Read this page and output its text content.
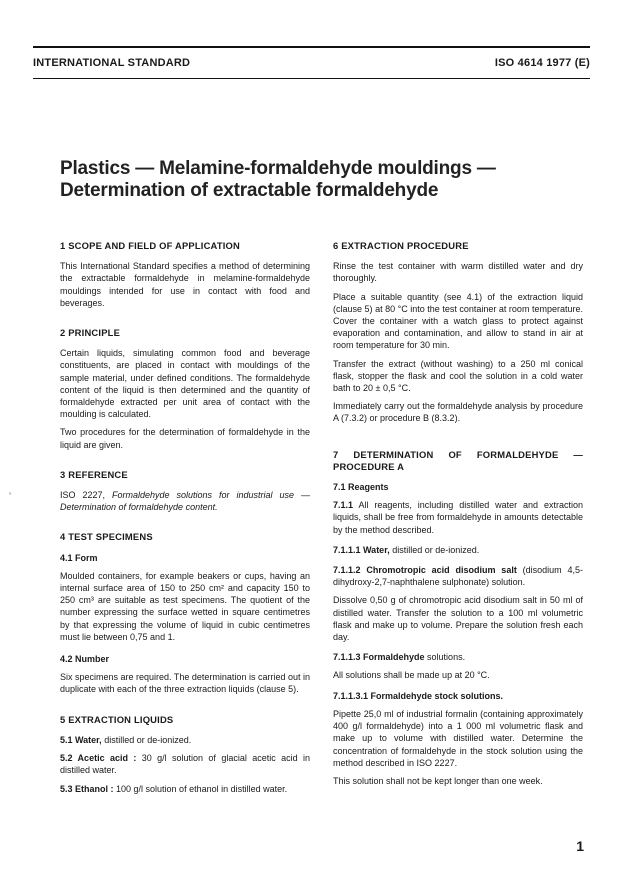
INTERNATIONAL STANDARD	ISO 4614 1977 (E)
Plastics — Melamine-formaldehyde mouldings —
Determination of extractable formaldehyde
’
1 SCOPE AND FIELD OF APPLICATION

This International Standard specifies a method of determining the extractable formaldehyde in melamine-formaldehyde mouldings intended for use in contact with food and beverages.

2 PRINCIPLE

Certain liquids, simulating common food and beverage constituents, are placed in contact with mouldings of the sample material, under defined conditions. The formaldehyde content of the liquid is then determined and the quantity of formaldehyde extracted per unit area of contact with the moulding is calculated.

Two procedures for the determination of formaldehyde in the liquid are given.

3 REFERENCE

ISO 2227, Formaldehyde solutions for industrial use — Determination of formaldehyde content.

4 TEST SPECIMENS
4.1 Form

Moulded containers, for example beakers or cups, having an internal surface area of 150 to 250 cm² and capacity 150 to 250 cm³ are suitable as test specimens. The quotient of the number expressing the surface wetted in square centimetres by that expressing the volume of liquid in cubic centimetres must lie between 0,75 and 1.

4.2 Number

Six specimens are required. The determination is carried out in duplicate with each of the three extraction liquids (clause 5).

5 EXTRACTION LIQUIDS

5.1 Water, distilled or de-ionized.

5.2 Acetic acid : 30 g/l solution of glacial acetic acid in distilled water.

5.3 Ethanol : 100 g/l solution of ethanol in distilled water.

6 EXTRACTION PROCEDURE

Rinse the test container with warm distilled water and dry thoroughly.

Place a suitable quantity (see 4.1) of the extraction liquid (clause 5) at 80 °C into the test container at room temperature. Cover the container with a watch glass to protect against evaporation and contamination, and allow to stand in air at room temperature for 30 min.

Transfer the extract (without washing) to a 250 ml conical flask, stopper the flask and cool the solution in a cold water bath to 20 ± 0,5 °C.

Immediately carry out the formaldehyde analysis by procedure A (7.3.2) or procedure B (8.3.2).

7 DETERMINATION OF FORMALDEHYDE — PROCEDURE A
7.1 Reagents

7.1.1 All reagents, including distilled water and extraction liquids, shall be free from formaldehyde in amounts detectable by the method described.

7.1.1.1 Water, distilled or de-ionized.

7.1.1.2 Chromotropic acid disodium salt (disodium 4,5-dihydroxy-2,7-naphthalene sulphonate) solution.

Dissolve 0,50 g of chromotropic acid disodium salt in 50 ml of distilled water. Transfer the solution to a 100 ml volumetric flask and make up to volume. Prepare the solution fresh each day.

7.1.1.3 Formaldehyde solutions.

All solutions shall be made up at 20 °C.

7.1.1.3.1 Formaldehyde stock solutions.

Pipette 25,0 ml of industrial formalin (containing approximately 400 g/l formaldehyde) into a 1 000 ml volumetric flask and make up to volume with distilled water. Determine the concentration of formaldehyde in the stock solution using the method described in ISO 2227.

This solution shall not be kept longer than one week.

1
